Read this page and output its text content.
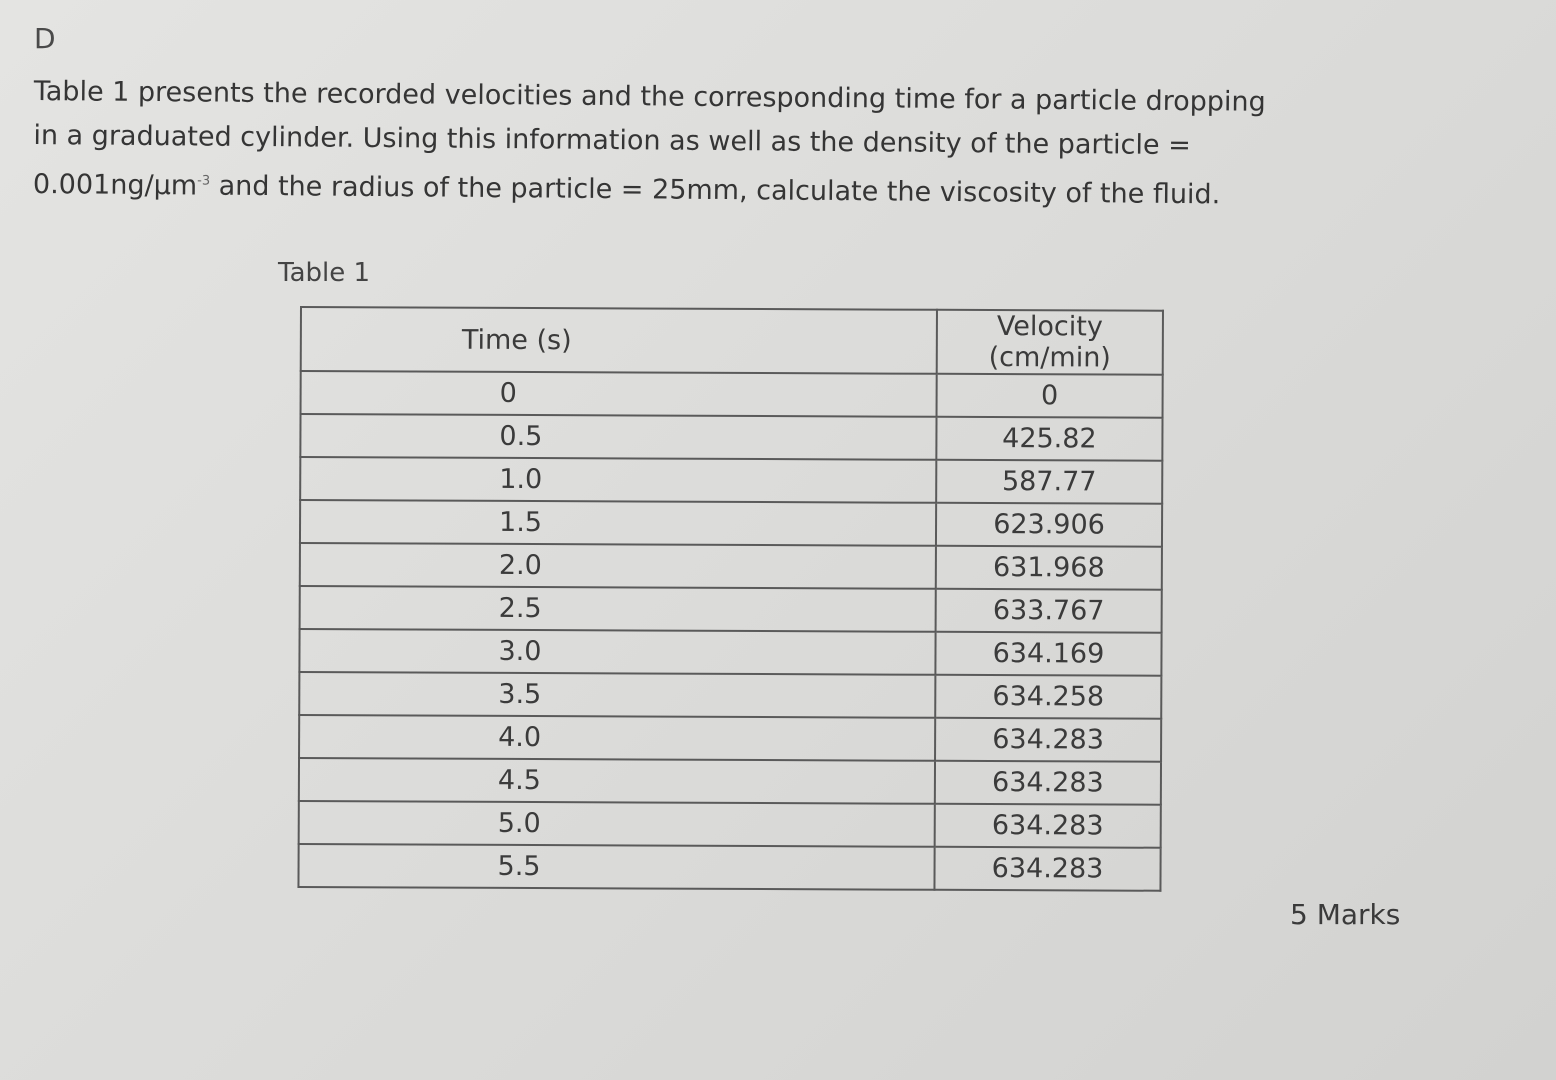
D
Table 1 presents the recorded velocities and the corresponding time for a particle dropping
in a graduated cylinder. Using this information as well as the density of the particle =
$0.001ng/\mu m^{-3}$ and the radius of the particle = 25mm, calculate the viscosity of the fluid.
Table 1
Time (s)	Velocity (cm/min)
0	0
0.5	425.82
1.0	587.77
1.5	623.906
2.0	631.968
2.5	633.767
3.0	634.169
3.5	634.258
4.0	634.283
4.5	634.283
5.0	634.283
5.5	634.283
5 Marks
